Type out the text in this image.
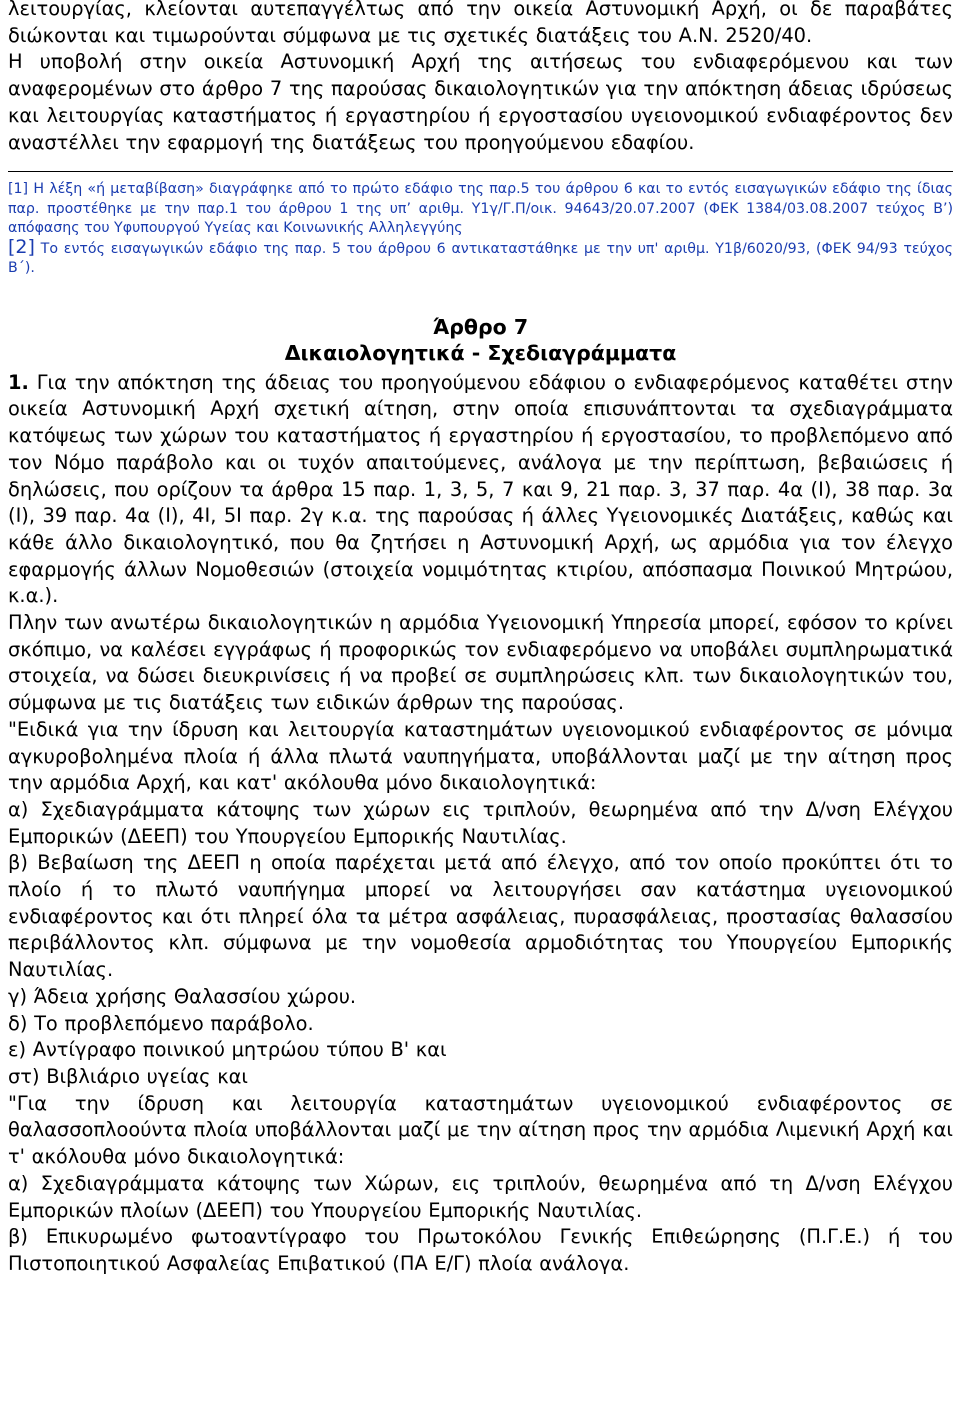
λειτουργίας, κλείονται αυτεπαγγέλτως από την οικεία Αστυνομική Αρχή, οι δε παραβάτες διώκονται και τιμωρούνται σύμφωνα με τις σχετικές διατάξεις του Α.Ν. 2520/40.

Η υποβολή στην οικεία Αστυνομική Αρχή της αιτήσεως του ενδιαφερόμενου και των αναφερομένων στο άρθρο 7 της παρούσας δικαιολογητικών για την απόκτηση άδειας ιδρύσεως και λειτουργίας καταστήματος ή εργαστηρίου ή εργοστασίου υγειονομικού ενδιαφέροντος δεν αναστέλλει την εφαρμογή της διατάξεως του προηγούμενου εδαφίου.

[1] Η λέξη «ή μεταβίβαση» διαγράφηκε από το πρώτο εδάφιο της παρ.5 του άρθρου 6 και το εντός εισαγωγικών εδάφιο της ίδιας παρ. προστέθηκε με την παρ.1 του άρθρου 1 της υπ’ αριθμ. Υ1γ/Γ.Π/οικ. 94643/20.07.2007 (ΦΕΚ 1384/03.08.2007 τεύχος Β’) απόφασης του Υφυπουργού Υγείας και Κοινωνικής Αλληλεγγύης

[2] Το εντός εισαγωγικών εδάφιο της παρ. 5 του άρθρου 6 αντικαταστάθηκε με την υπ' αριθμ. Υ1β/6020/93, (ΦΕΚ 94/93 τεύχος Β΄).

Άρθρο 7
Δικαιολογητικά - Σχεδιαγράμματα

1. Για την απόκτηση της άδειας του προηγούμενου εδάφιου ο ενδιαφερόμενος καταθέτει στην οικεία Αστυνομική Αρχή σχετική αίτηση, στην οποία επισυνάπτονται τα σχεδιαγράμματα κατόψεως των χώρων του καταστήματος ή εργαστηρίου ή εργοστασίου, το προβλεπόμενο από τον Νόμο παράβολο και οι τυχόν απαιτούμενες, ανάλογα με την περίπτωση, βεβαιώσεις ή δηλώσεις, που ορίζουν τα άρθρα 15 παρ. 1, 3, 5, 7 και 9, 21 παρ. 3, 37 παρ. 4α (Ι), 38 παρ. 3α (Ι), 39 παρ. 4α (Ι), 4Ι, 5Ι παρ. 2γ κ.α. της παρούσας ή άλλες Υγειονομικές Διατάξεις, καθώς και κάθε άλλο δικαιολογητικό, που θα ζητήσει η Αστυνομική Αρχή, ως αρμόδια για τον έλεγχο εφαρμογής άλλων Νομοθεσιών (στοιχεία νομιμότητας κτιρίου, απόσπασμα Ποινικού Μητρώου, κ.α.).

Πλην των ανωτέρω δικαιολογητικών η αρμόδια Υγειονομική Υπηρεσία μπορεί, εφόσον το κρίνει σκόπιμο, να καλέσει εγγράφως ή προφορικώς τον ενδιαφερόμενο να υποβάλει συμπληρωματικά στοιχεία, να δώσει διευκρινίσεις ή να προβεί σε συμπληρώσεις κλπ. των δικαιολογητικών του, σύμφωνα με τις διατάξεις των ειδικών άρθρων της παρούσας.

"Ειδικά για την ίδρυση και λειτουργία καταστημάτων υγειονομικού ενδιαφέροντος σε μόνιμα αγκυροβολημένα πλοία ή άλλα πλωτά ναυπηγήματα, υποβάλλονται μαζί με την αίτηση προς την αρμόδια Αρχή, και κατ' ακόλουθα μόνο δικαιολογητικά:

α) Σχεδιαγράμματα κάτοψης των χώρων εις τριπλούν, θεωρημένα από την Δ/νση Ελέγχου Εμπορικών (ΔΕΕΠ) του Υπουργείου Εμπορικής Ναυτιλίας.

β) Βεβαίωση της ΔΕΕΠ η οποία παρέχεται μετά από έλεγχο, από τον οποίο προκύπτει ότι το πλοίο ή το πλωτό ναυπήγημα μπορεί να λειτουργήσει σαν κατάστημα υγειονομικού ενδιαφέροντος και ότι πληρεί όλα τα μέτρα ασφάλειας, πυρασφάλειας, προστασίας θαλασσίου περιβάλλοντος κλπ. σύμφωνα με την νομοθεσία αρμοδιότητας του Υπουργείου Εμπορικής Ναυτιλίας.

γ) Άδεια χρήσης Θαλασσίου χώρου.

δ) Το προβλεπόμενο παράβολο.

ε) Αντίγραφο ποινικού μητρώου τύπου Β' και

στ) Βιβλιάριο υγείας και

"Για την ίδρυση και λειτουργία καταστημάτων υγειονομικού ενδιαφέροντος σε θαλασσοπλοούντα πλοία υποβάλλονται μαζί με την αίτηση προς την αρμόδια Λιμενική Αρχή και τ' ακόλουθα μόνο δικαιολογητικά:

α) Σχεδιαγράμματα κάτοψης των Χώρων, εις τριπλούν, θεωρημένα από τη Δ/νση Ελέγχου Εμπορικών πλοίων (ΔΕΕΠ) του Υπουργείου Εμπορικής Ναυτιλίας.

β) Επικυρωμένο φωτοαντίγραφο του Πρωτοκόλου Γενικής Επιθεώρησης (Π.Γ.Ε.) ή του Πιστοποιητικού Ασφαλείας Επιβατικού (ΠΑ Ε/Γ) πλοία ανάλογα.
